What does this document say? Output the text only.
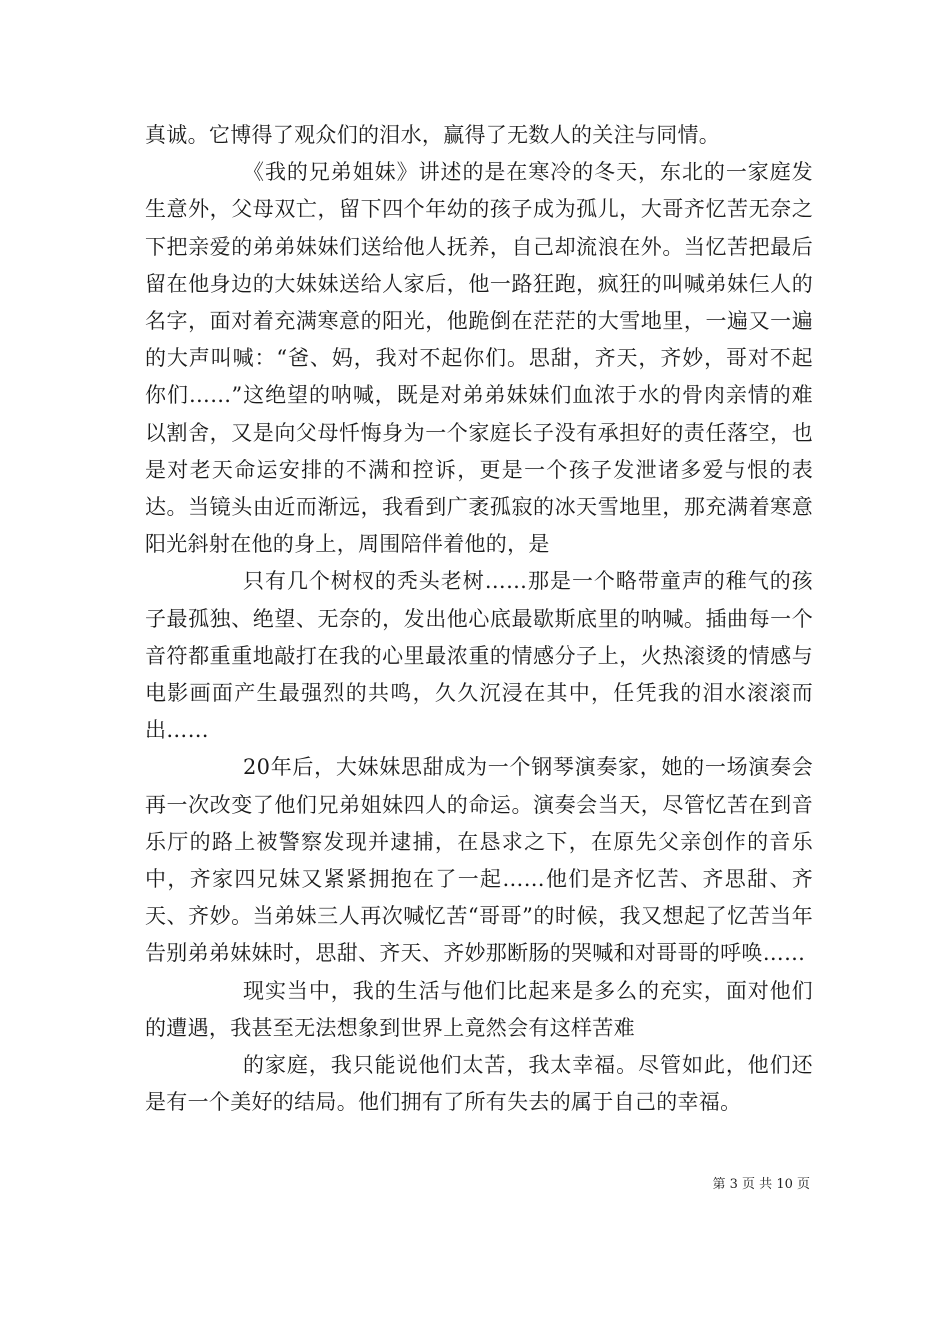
真诚。它博得了观众们的泪水，赢得了无数人的关注与同情。

《我的兄弟姐妹》讲述的是在寒冷的冬天，东北的一家庭发生意外，父母双亡，留下四个年幼的孩子成为孤儿，大哥齐忆苦无奈之下把亲爱的弟弟妹妹们送给他人抚养，自己却流浪在外。当忆苦把最后留在他身边的大妹妹送给人家后，他一路狂跑，疯狂的叫喊弟妹仨人的名字，面对着充满寒意的阳光，他跪倒在茫茫的大雪地里，一遍又一遍的大声叫喊：“爸、妈，我对不起你们。思甜，齐天，齐妙，哥对不起你们……”这绝望的呐喊，既是对弟弟妹妹们血浓于水的骨肉亲情的难以割舍，又是向父母忏悔身为一个家庭长子没有承担好的责任落空，也是对老天命运安排的不满和控诉，更是一个孩子发泄诸多爱与恨的表达。当镜头由近而渐远，我看到广袤孤寂的冰天雪地里，那充满着寒意阳光斜射在他的身上，周围陪伴着他的，是

只有几个树杈的秃头老树……那是一个略带童声的稚气的孩子最孤独、绝望、无奈的，发出他心底最歇斯底里的呐喊。插曲每一个音符都重重地敲打在我的心里最浓重的情感分子上，火热滚烫的情感与电影画面产生最强烈的共鸣，久久沉浸在其中，任凭我的泪水滚滚而出……

20年后，大妹妹思甜成为一个钢琴演奏家，她的一场演奏会再一次改变了他们兄弟姐妹四人的命运。演奏会当天，尽管忆苦在到音乐厅的路上被警察发现并逮捕，在恳求之下，在原先父亲创作的音乐中，齐家四兄妹又紧紧拥抱在了一起……他们是齐忆苦、齐思甜、齐天、齐妙。当弟妹三人再次喊忆苦“哥哥”的时候，我又想起了忆苦当年告别弟弟妹妹时，思甜、齐天、齐妙那断肠的哭喊和对哥哥的呼唤……

现实当中，我的生活与他们比起来是多么的充实，面对他们的遭遇，我甚至无法想象到世界上竟然会有这样苦难

的家庭，我只能说他们太苦，我太幸福。尽管如此，他们还是有一个美好的结局。他们拥有了所有失去的属于自己的幸福。

第 3 页 共 10 页
